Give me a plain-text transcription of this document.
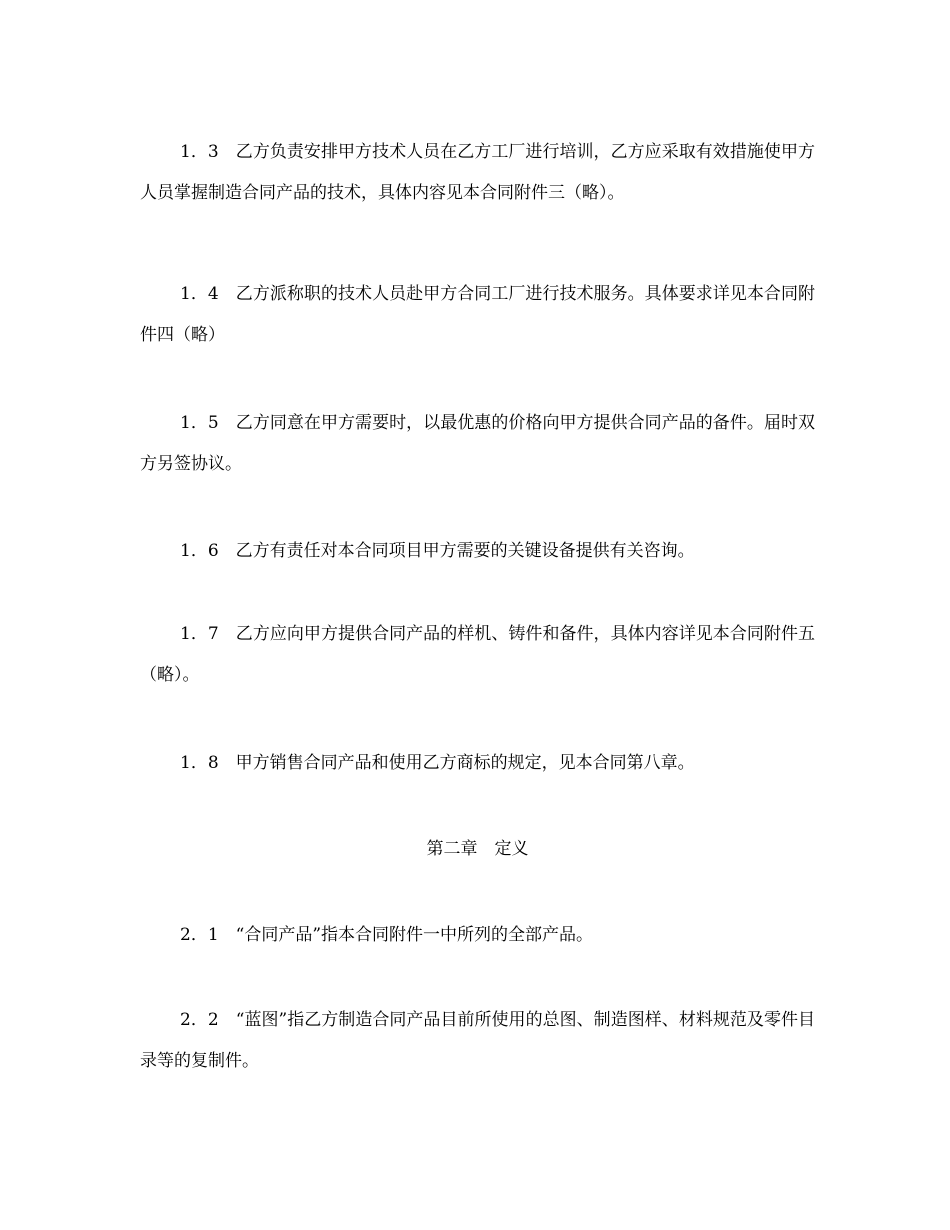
1．3　乙方负责安排甲方技术人员在乙方工厂进行培训，乙方应采取有效措施使甲方人员掌握制造合同产品的技术，具体内容见本合同附件三（略）。

1．4　乙方派称职的技术人员赴甲方合同工厂进行技术服务。具体要求详见本合同附件四（略）

1．5　乙方同意在甲方需要时，以最优惠的价格向甲方提供合同产品的备件。届时双方另签协议。

1．6　乙方有责任对本合同项目甲方需要的关键设备提供有关咨询。

1．7　乙方应向甲方提供合同产品的样机、铸件和备件，具体内容详见本合同附件五（略）。

1．8　甲方销售合同产品和使用乙方商标的规定，见本合同第八章。

第二章　定义

2．1　“合同产品”指本合同附件一中所列的全部产品。

2．2　“蓝图”指乙方制造合同产品目前所使用的总图、制造图样、材料规范及零件目录等的复制件。
